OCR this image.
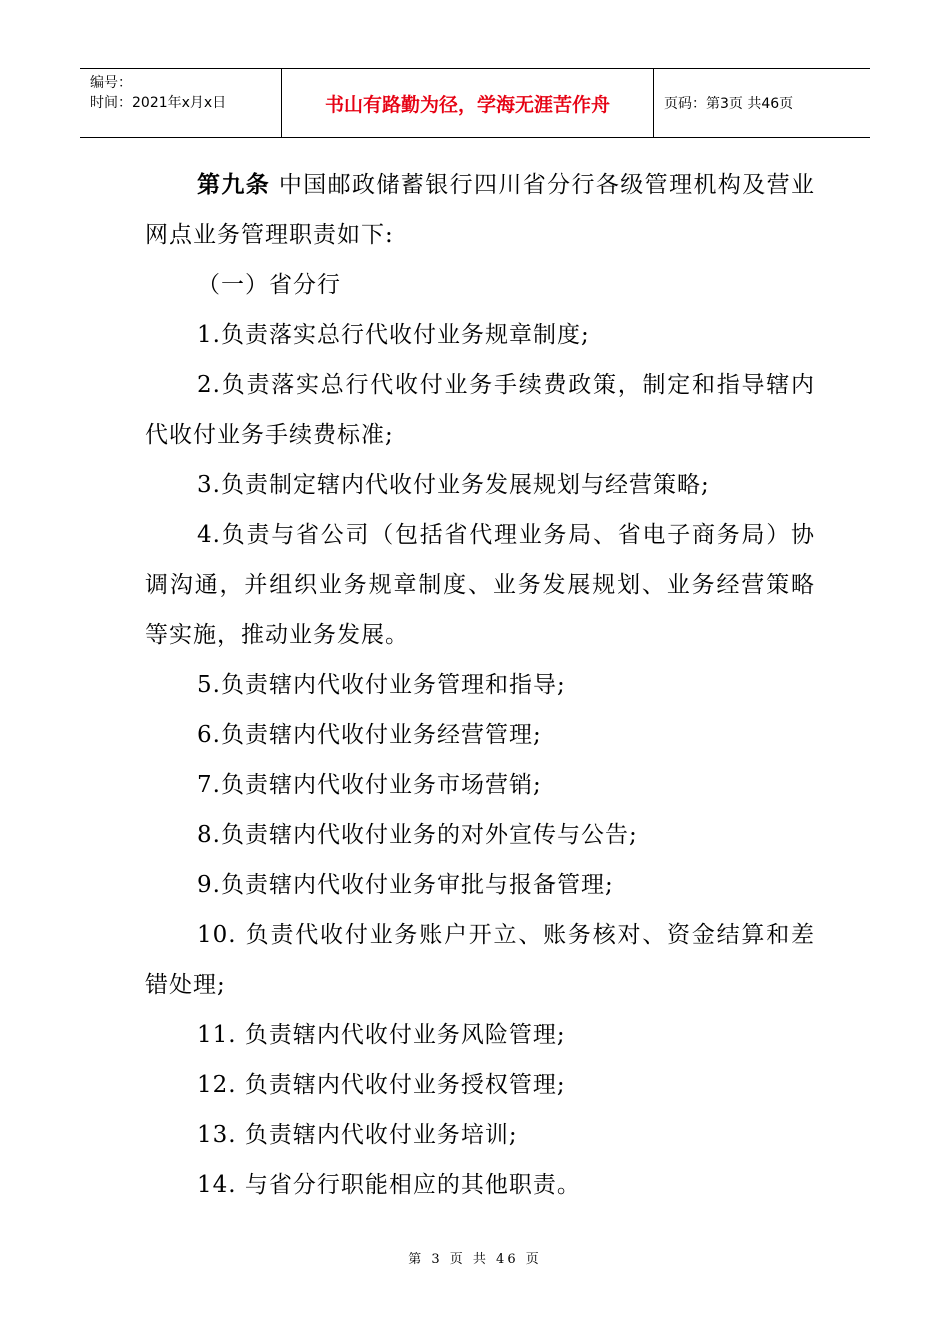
编号：
时间：2021年x月x日	书山有路勤为径，学海无涯苦作舟	页码：第3页 共46页

第九条 中国邮政储蓄银行四川省分行各级管理机构及营业网点业务管理职责如下:

（一）省分行

1.负责落实总行代收付业务规章制度;

2.负责落实总行代收付业务手续费政策，制定和指导辖内代收付业务手续费标准;

3.负责制定辖内代收付业务发展规划与经营策略;

4.负责与省公司（包括省代理业务局、省电子商务局）协调沟通，并组织业务规章制度、业务发展规划、业务经营策略等实施，推动业务发展。

5.负责辖内代收付业务管理和指导;

6.负责辖内代收付业务经营管理;

7.负责辖内代收付业务市场营销;

8.负责辖内代收付业务的对外宣传与公告;

9.负责辖内代收付业务审批与报备管理;

10. 负责代收付业务账户开立、账务核对、资金结算和差错处理;

11. 负责辖内代收付业务风险管理;

12. 负责辖内代收付业务授权管理;

13. 负责辖内代收付业务培训;

14. 与省分行职能相应的其他职责。

第 3 页 共 46 页
